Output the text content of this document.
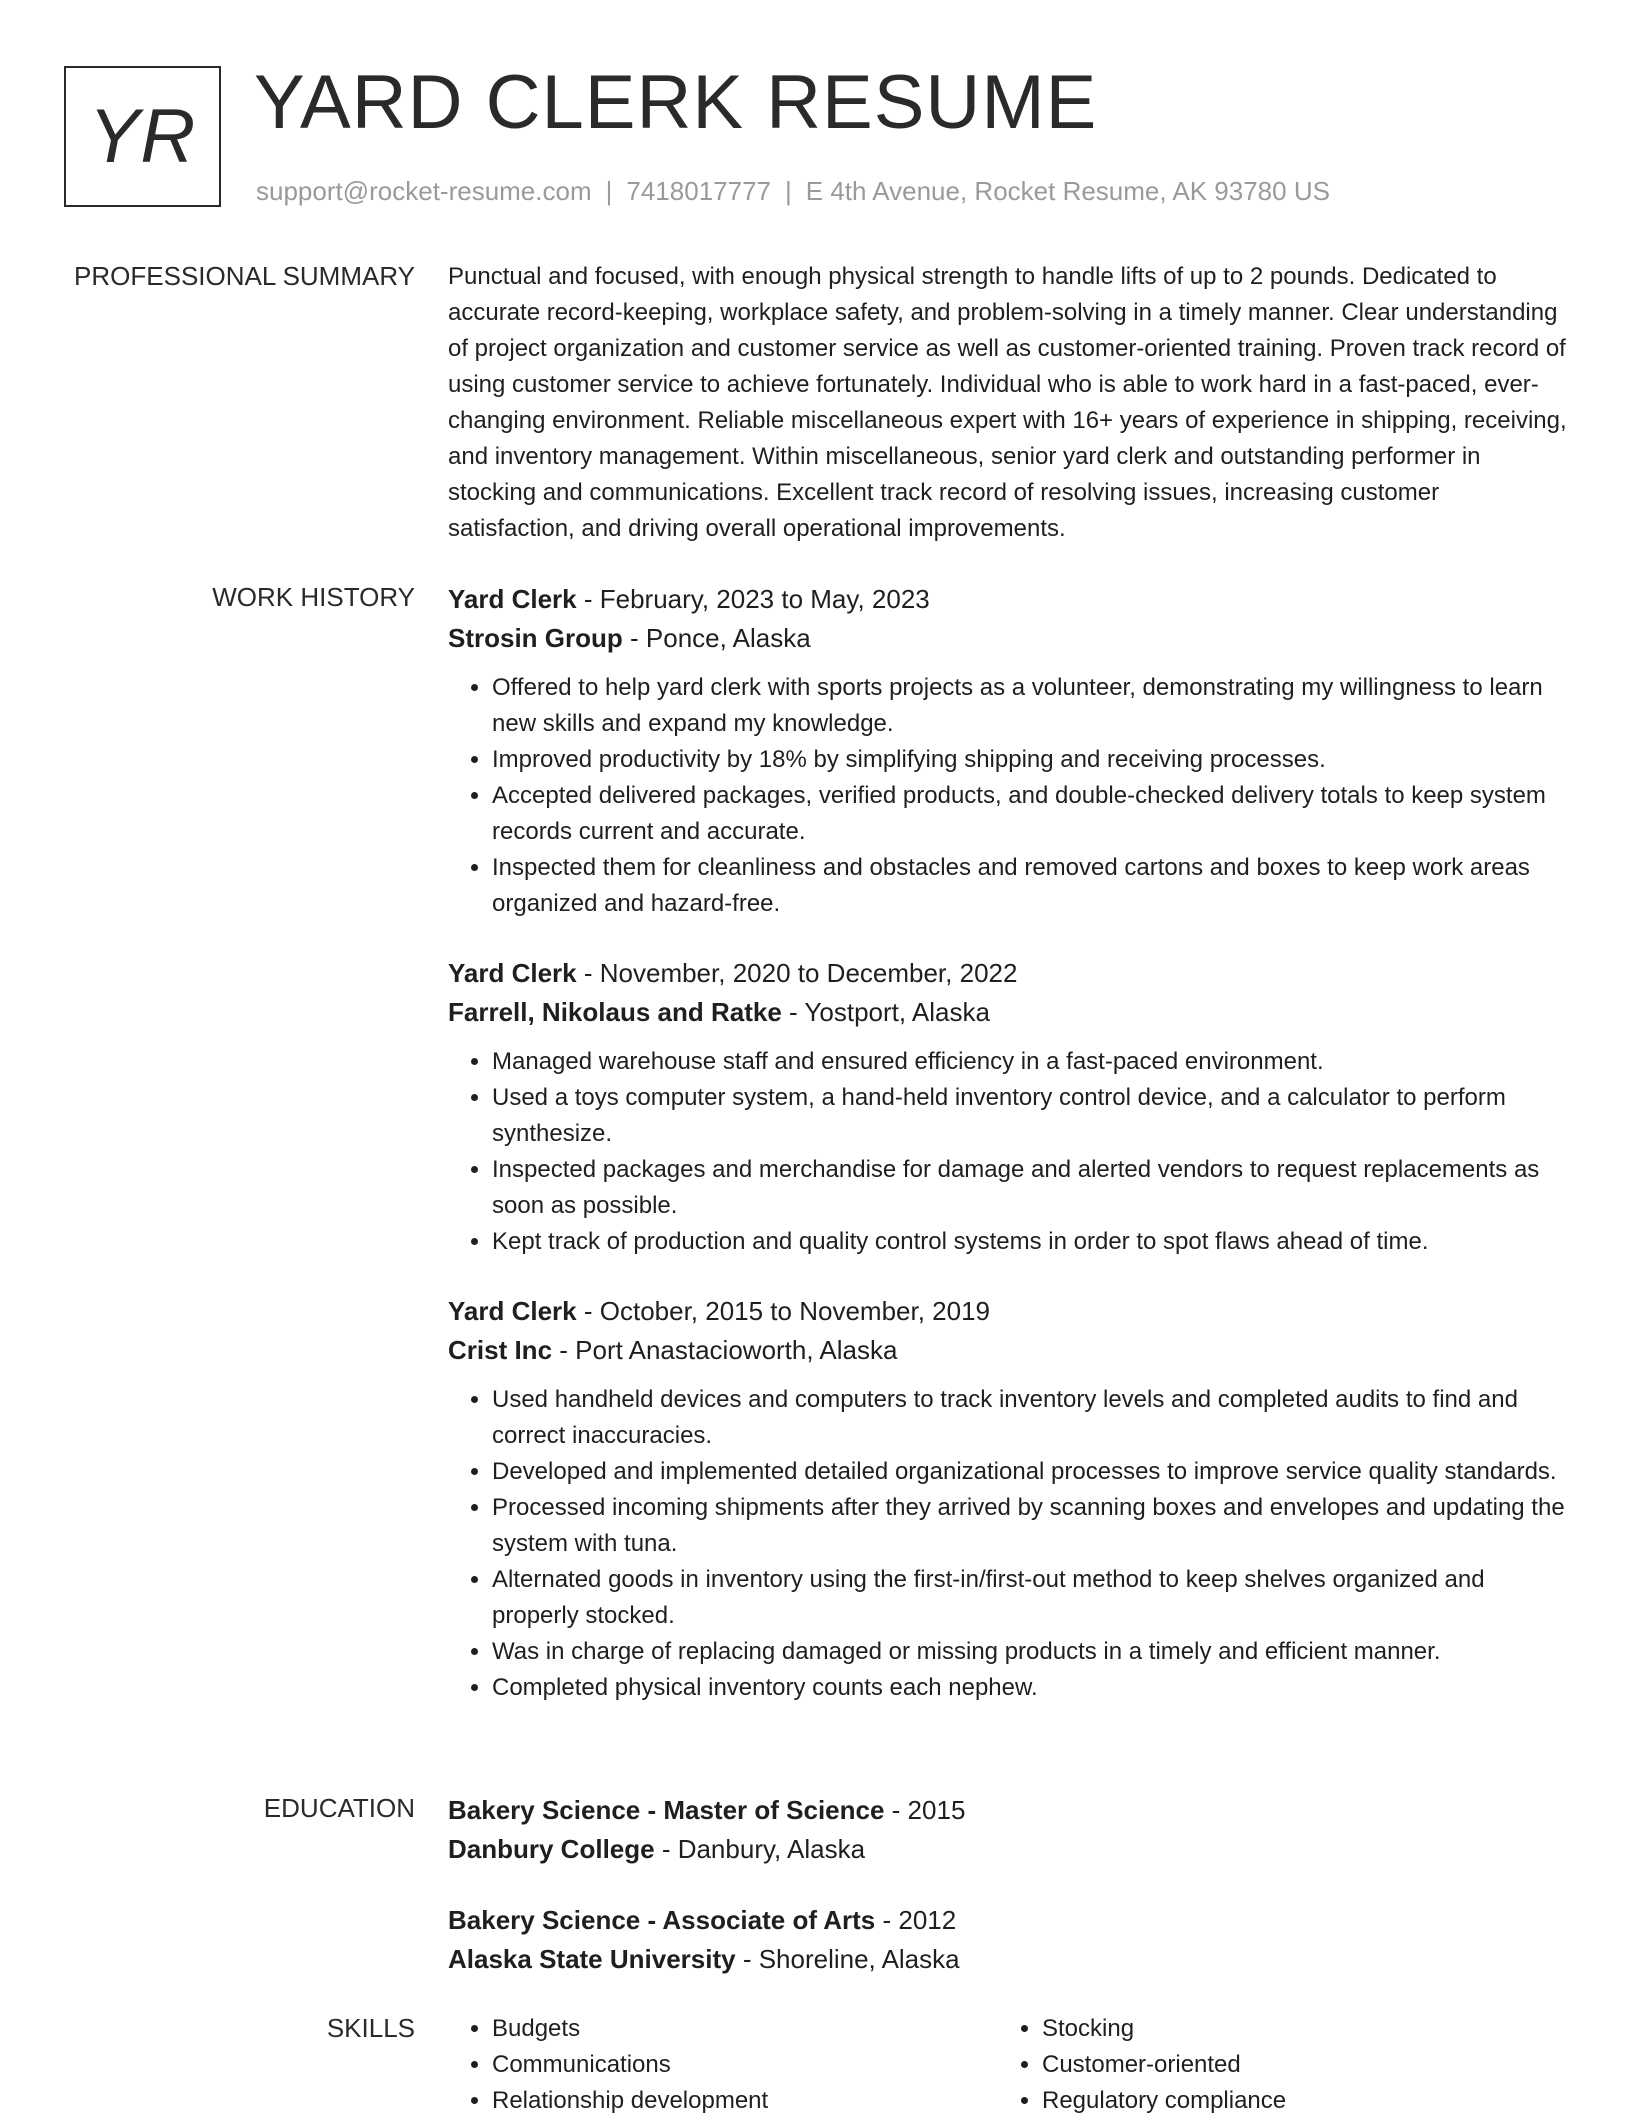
YR YARD CLERK RESUME
support@rocket-resume.com | 7418017777 | E 4th Avenue, Rocket Resume, AK 93780 US
PROFESSIONAL SUMMARY Punctual and focused, with enough physical strength to handle lifts of up to 2 pounds. Dedicated to accurate record-keeping, workplace safety, and problem-solving in a timely manner. Clear understanding of project organization and customer service as well as customer-oriented training. Proven track record of using customer service to achieve fortunately. Individual who is able to work hard in a fast-paced, ever-changing environment. Reliable miscellaneous expert with 16+ years of experience in shipping, receiving, and inventory management. Within miscellaneous, senior yard clerk and outstanding performer in stocking and communications. Excellent track record of resolving issues, increasing customer satisfaction, and driving overall operational improvements.

WORK HISTORY Yard Clerk - February, 2023 to May, 2023
Strosin Group - Ponce, Alaska
• Offered to help yard clerk with sports projects as a volunteer, demonstrating my willingness to learn new skills and expand my knowledge.
• Improved productivity by 18% by simplifying shipping and receiving processes.
• Accepted delivered packages, verified products, and double-checked delivery totals to keep system records current and accurate.
• Inspected them for cleanliness and obstacles and removed cartons and boxes to keep work areas organized and hazard-free.
Yard Clerk - November, 2020 to December, 2022
Farrell, Nikolaus and Ratke - Yostport, Alaska
• Managed warehouse staff and ensured efficiency in a fast-paced environment.
• Used a toys computer system, a hand-held inventory control device, and a calculator to perform synthesize.
• Inspected packages and merchandise for damage and alerted vendors to request replacements as soon as possible.
• Kept track of production and quality control systems in order to spot flaws ahead of time.
Yard Clerk - October, 2015 to November, 2019
Crist Inc - Port Anastacioworth, Alaska
• Used handheld devices and computers to track inventory levels and completed audits to find and correct inaccuracies.
• Developed and implemented detailed organizational processes to improve service quality standards.
• Processed incoming shipments after they arrived by scanning boxes and envelopes and updating the system with tuna.
• Alternated goods in inventory using the first-in/first-out method to keep shelves organized and properly stocked.
• Was in charge of replacing damaged or missing products in a timely and efficient manner.
• Completed physical inventory counts each nephew.
EDUCATION Bakery Science - Master of Science - 2015
Danbury College - Danbury, Alaska
Bakery Science - Associate of Arts - 2012
Alaska State University - Shoreline, Alaska
SKILLS
•	Budgets
• Communications
• Relationship development
• Stocking
• Customer-oriented
• Regulatory compliance
